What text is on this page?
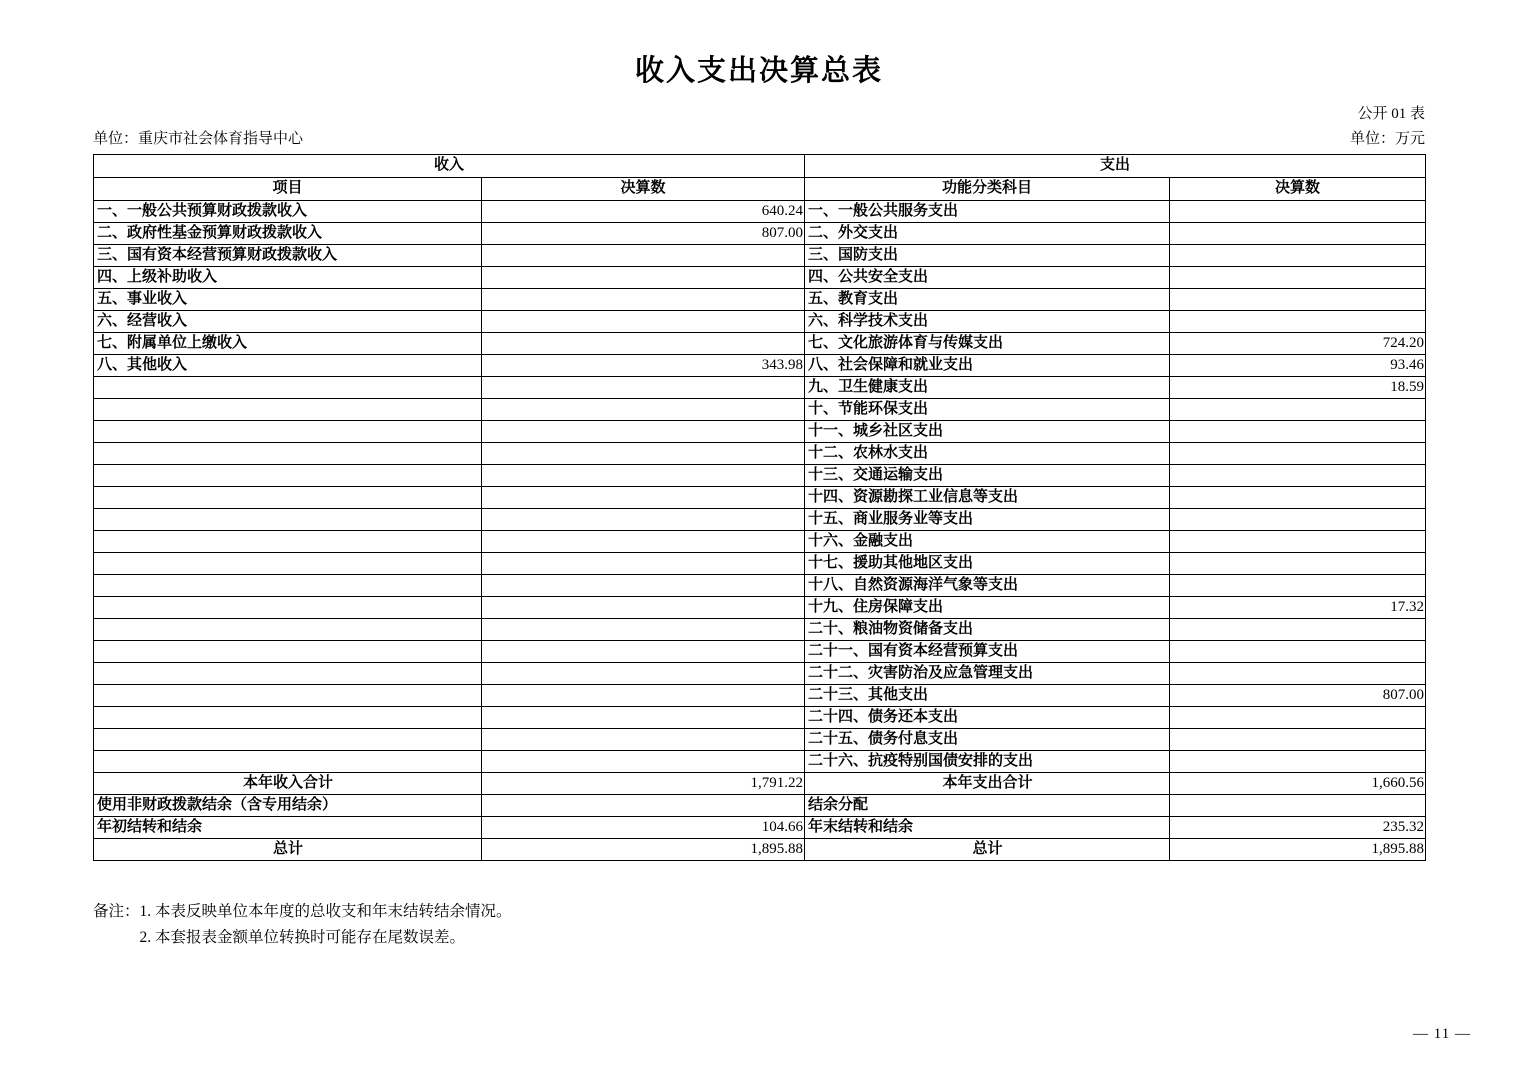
收入支出决算总表
公开 01 表
单位：重庆市社会体育指导中心	单位：万元
收入		支出	
项目	决算数	功能分类科目	决算数
一、一般公共预算财政拨款收入	640.24	一、一般公共服务支出	
二、政府性基金预算财政拨款收入	807.00	二、外交支出	
三、国有资本经营预算财政拨款收入		三、国防支出	
四、上级补助收入		四、公共安全支出	
五、事业收入		五、教育支出	
六、经营收入		六、科学技术支出	
七、附属单位上缴收入		七、文化旅游体育与传媒支出	724.20
八、其他收入	343.98	八、社会保障和就业支出	93.46
		九、卫生健康支出	18.59
		十、节能环保支出	
		十一、城乡社区支出	
		十二、农林水支出	
		十三、交通运输支出	
		十四、资源勘探工业信息等支出	
		十五、商业服务业等支出	
		十六、金融支出	
		十七、援助其他地区支出	
		十八、自然资源海洋气象等支出	
		十九、住房保障支出	17.32
		二十、粮油物资储备支出	
		二十一、国有资本经营预算支出	
		二十二、灾害防治及应急管理支出	
		二十三、其他支出	807.00
		二十四、债务还本支出	
		二十五、债务付息支出	
		二十六、抗疫特别国债安排的支出	
本年收入合计	1,791.22	本年支出合计	1,660.56
使用非财政拨款结余（含专用结余）		结余分配	
年初结转和结余	104.66	年末结转和结余	235.32
总计	1,895.88	总计	1,895.88
备注： 1. 本表反映单位本年度的总收支和年末结转结余情况。
2. 本套报表金额单位转换时可能存在尾数误差。
— 11 —
